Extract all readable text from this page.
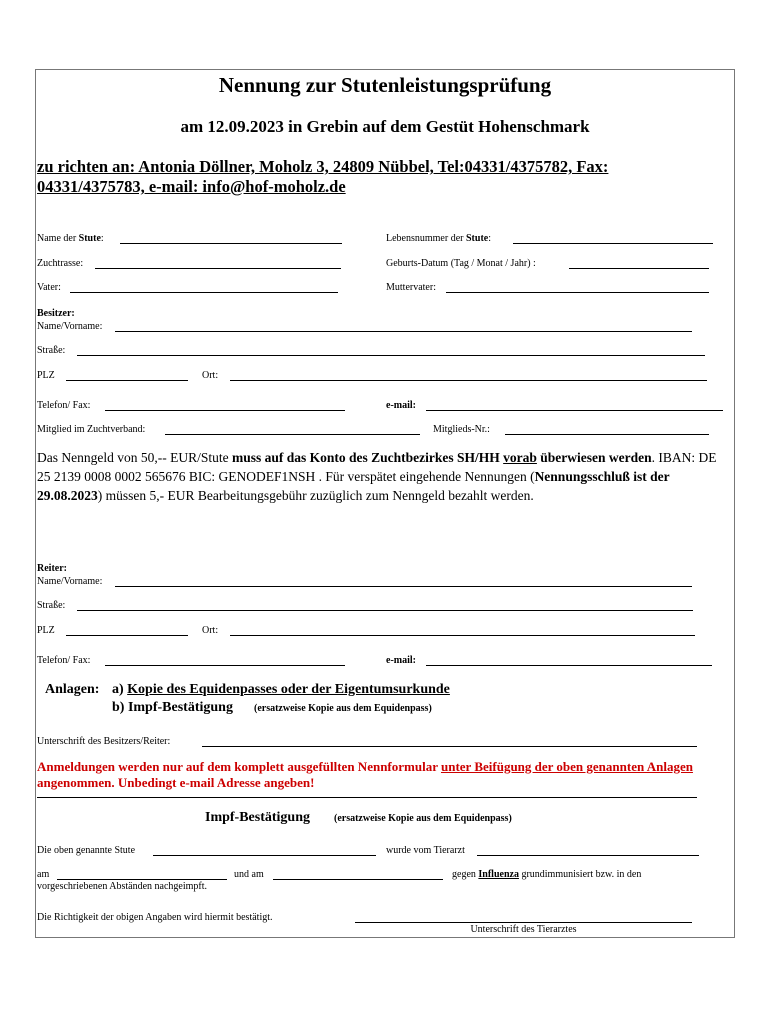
Nennung zur Stutenleistungsprüfung
am 12.09.2023 in Grebin auf dem Gestüt Hohenschmark
zu richten an: Antonia Döllner, Moholz 3, 24809 Nübbel, Tel:04331/4375782, Fax:
04331/4375783, e-mail: info@hof-moholz.de
Name der Stute:	Lebensnummer der Stute:
Zuchtrasse:	Geburts-Datum (Tag / Monat / Jahr) :
Vater:	Muttervater:
Besitzer:
Name/Vorname:
Straße:
PLZ	Ort:
Telefon/ Fax:	e-mail:
Mitglied im Zuchtverband:	Mitglieds-Nr.:
Das Nenngeld von 50,-- EUR/Stute muss auf das Konto des Zuchtbezirkes SH/HH vorab überwiesen werden. IBAN: DE 25 2139 0008 0002 565676 BIC: GENODEF1NSH . Für verspätet eingehende Nennungen (Nennungsschluß ist der 29.08.2023) müssen 5,- EUR Bearbeitungsgebühr zuzüglich zum Nenngeld bezahlt werden.
Reiter:
Name/Vorname:
Straße:
PLZ	Ort:
Telefon/ Fax:	e-mail:
Anlagen: a) Kopie des Equidenpasses oder der Eigentumsurkunde
b) Impf-Bestätigung (ersatzweise Kopie aus dem Equidenpass)
Unterschrift des Besitzers/Reiter:
Anmeldungen werden nur auf dem komplett ausgefüllten Nennformular unter Beifügung der oben genannten Anlagen angenommen. Unbedingt e-mail Adresse angeben!
Impf-Bestätigung (ersatzweise Kopie aus dem Equidenpass)
Die oben genannte Stute	wurde vom Tierarzt
am	und am	gegen Influenza grundimmunisiert bzw. in den
vorgeschriebenen Abständen nachgeimpft.
Die Richtigkeit der obigen Angaben wird hiermit bestätigt.
Unterschrift des Tierarztes
